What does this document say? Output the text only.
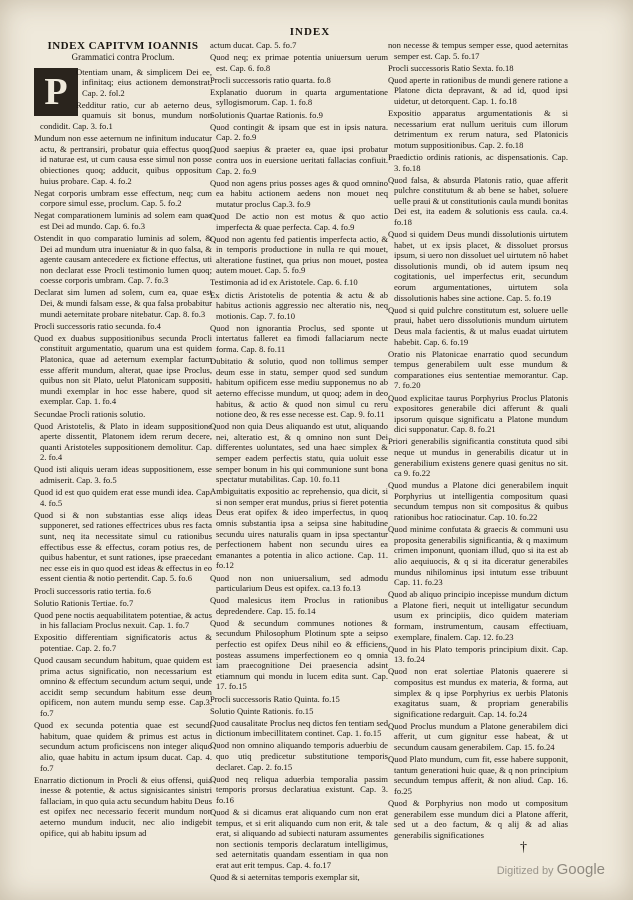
INDEX
INDEX CAPITVM IOANNIS
Grammatici contra Proclum.
P Otentiam unam, & simplicem Dei ee, infinitaq; eius actionem demonstrat. Cap. 2. fol.2
Redditur ratio, cur ab aeterno deus, quamuis sit bonus, mundum non condidit. Cap. 3. fo.1
Mundum non esse aeternum ne infinitum inducatur actu, & pertransiri, probatur quia effectus quoq; id naturae est, ut cum causa esse simul non posse obiectiones quoq; adducit, quibus oppositum huius probare. Cap. 4. fo.2
Negat corporis umbram esse effectum, neq; cum corpore simul esse, proclum. Cap. 5. fo.2
Negat comparationem luminis ad solem eam quae est Dei ad mundo. Cap. 6. fo.3
Ostendit in quo comparatio luminis ad solem, & Dei ad mundum utra inueniatur & in quo falsa, & agente causam antecedere ex fictione effectus, uti non declarat esse Procli testimonio lumen quoq; coesse corporis umbram. Cap. 7. fo.3
Declarat sim lumen ad solem, cum ea, quae est Dei, & mundi falsam esse, & qua falsa probabitur mundi aeternitate probare nitebatur. Cap. 8. fo.3
Procli successoris ratio secunda. fo.4
Quod ex duabus suppositionibus secunda Procli constituit argumentatio, quarum una est quidem Platonica, quae ad aeternum exemplar factum esse afferit mundum, alterat, quae ipse Proclus, quibus non sit Plato, uelut Platonicam suppositi, mundi exemplar in hoc esse habere, quod sit exemplar. Cap. 1. fo.4
Secundae Procli rationis solutio.
Quod Aristotelis, & Plato in ideam suppositione aperte dissentit, Platonem idem rerum decere, quanti Aristoteles suppositionem demolitur. Cap. 2. fo.4
Quod isti aliquis ueram ideas suppositionem, esse admiserit. Cap. 3. fo.5
Quod id est quo quidem erat esse mundi idea. Cap. 4. fo.5
Quod si & non substantias esse aliqs ideas supponeret, sed rationes effectrices ubus res facta sunt, neq ita necessitate simul cu rationibus effectibus esse & effectus, coram potius res, de quibus habentur, et sunt rationes, ipse praecedant nec esse eis in quo quod est ideas & effectus in eo essent cientia & notio pertendit. Cap. 5. fo.6
Procli successoris ratio tertia. fo.6
Solutio Rationis Tertiae. fo.7
Quod pene noctis aequabilitatem potentiae, & actus in his fallaciam Proclus nexuit. Cap. 1. fo.7
Expositio differentiam significatoris actus & potentiae. Cap. 2. fo.7
Quod causam secundum habitum, quae quidem est prima actus significatio, non necessarium est omnino & effectum secundum actum sequi, unde accidit semp secundum habitum esse deum opificem, non autem mundu semp esse. Cap.3. fo.7
Quod ex secunda potentia quae est secundi habitum, quae quidem & primus est actus in secundum actum proficiscens non integer aliquo alio, quae habitu in actum ipsum ducat. Cap. 4. fo.7
Enarratio dictionum in Procli & eius offensi, quia inesse & potentie, & actus signisicantes sinistri fallaciam, in quo quia actu secundum habitu Deus est opifex nec necessario fecerit mundum non aeterno mundum inducit, nec alio indigebit opifice, qui ab habitu ipsum ad
actum ducat. Cap. 5. fo.7
Quod neq; ex primae potentia uniuersum uerum est. Cap. 6. fo.8
Procli successoris ratio quarta. fo.8
Explanatio duorum in quarta argumentatione syllogismorum. Cap. 1. fo.8
Solutionis Quartae Rationis. fo.9
Quod contingit & ipsam que est in ipsis natura. Cap. 2. fo.9
Quod saepius & praeter ea, quae ipsi probatur contra uos in euersione ueritati fallacias confiuit. Cap. 2. fo.9
Quod non agens prius posses ages & quod omnino ea habitu actionem aedens non mouet neq mutatur proclus Cap.3. fo.9
Quod De actio non est motus & quo actio imperfecta & quae perfecta. Cap. 4. fo.9
Quod non agentu fed patientis imperfecta actio, & in temporis productione in nulla re qui mouet, alteratione fustinet, qua prius non mouet, postea autem mouet. Cap. 5. fo.9
Testimonia ad id ex Aristotele. Cap. 6. f.10
Ex dictis Aristotelis de potentia & actu & ab habitus actionis aggressio nec alteratio nis, neq motionis. Cap. 7. fo.10
Quod non ignorantia Proclus, sed sponte ut intertatus falleret ea fimodi fallaciarum necte forma. Cap. 8. fo.11
Dubitatio & solutio, quod non tollimus semper deum esse in statu, semper quod sed sundum habitum opificem esse mediu supponemus no ab aeterno effecisse mundum, ut quoq; adem in deo habitus, & actio & quod non simul cu reru notione deo, & res esse necesse est. Cap. 9. fo.11
Quod non quia Deus aliquando est utut, aliquando nei, alteratio est, & q omnino non sunt Dei differentes uoluntates, sed una haec simplex & semper eadem perfectis statu, quia uoluit esse semper bonum in his qui communione sunt bona spectatur mutabilitas. Cap. 10. fo.11
Ambiguitatis expositio ac reprehensio, qua dicit, si si non semper erat mundus, prius si fieret potentia Deus erat opifex & ideo imperfectus, in quoq omnis substantia ipsa a seipsa sine habitudine secundu uires naturalis quam in ipsa spectantur perfectionem habent non secundu uires ea emanantes a potentia in alico actione. Cap. 11. fo.12
Quod non non uniuersalium, sed admodu particularium Deus est opifex. ca.13 fo.13
Quod malesicus item Proclus in rationibus depredendere. Cap. 15. fo.14
Quod & secundum communes notiones & secundum Philosophum Plotinum spte a seipso perfectio est opifex Deus nihil eo & efficiens, posteas assumens imperfectionem eo q omnia iam praecognitione Dei praesencia adsint etiamnum qui mondu in lucem edita sunt. Cap. 17. fo.15
Procli successoris Ratio Quinta. fo.15
Solutio Quinte Rationis. fo.15
Quod causalitate Proclus neq dictos fen tentiam sed dictionum imbecillitatem continet. Cap. 1. fo.15
Quod non omnino aliquando temporis aduerbiu de quo utiq predicetur substitutione temporis declaret. Cap. 2. fo.15
Quod neq reliqua aduerbia temporalia passim temporis prorsus declaratiua existunt. Cap. 3. fo.16
Quod & si dicamus erat aliquando cum non erat tempus, et si erit aliquando cum non erit, & tale erat, si aliquando ad subiecti naturam assumentes non sectionis temporis declaratum intelligimus, sed aeternitatis quandam essentiam in qua non erat aut erit tempus. Cap. 4. fo.17
Quod & si aeternitas temporis exemplar sit,
non necesse & tempus semper esse, quod aeternitas semper est. Cap. 5. fo.17
Procli successoris Ratio Sexta. fo.18
Quod aperte in rationibus de mundi genere ratione a Platone dicta depravant, & ad id, quod ipsi uidetur, ut detorquent. Cap. 1. fo.18
Expositio apparatus argumentationis & si necessarium erat nullum uerituis cum illorum detrimentum ex rerum natura, sed Platonicis motum suppositionibus. Cap. 2. fo.18
Praedictio ordinis rationis, ac dispensationis. Cap. 3. fo.18
Quod falsa, & absurda Platonis ratio, quae afferit pulchre constitutum & ab bene se habet, soluere uelle praui & ut constitutionis caula mundi bonitas Dei est, ita eadem & solutionis ess caula. ca.4. fo.18
Quod si quidem Deus mundi dissolutionis uirtutem habet, ut ex ipsis placet, & dissoluet prorsus ipsum, si uero non dissoluet uel uirtutem nō habet dissolutionis mundi, ob id autem ipsum neq cogitationis, uel imperfectus erit, secundum eorum argumentationes, uirtutem sola dissolutionis habes sine actione. Cap. 5. fo.19
Quod si quid pulchre constitutum est, soluere uelle praui, habet uero dissolutionis mundum uirtutem Deus mala facientis, & ut malus euadat uirtutem habebit. Cap. 6. fo.19
Oratio nis Platonicae enarratio quod secundum tempus generabilem uult esse mundum & comparationes eius sententiae memorantur. Cap. 7. fo.20
Quod explicitae taurus Porphyrius Proclus Platonis expositores generabile dici afferunt & quali ipsorum quisque significatu a Platone mundum dici supponatur. Cap. 8. fo.21
Priori generabilis significantia constituta quod sibi neque ut mundus in generabilis dicatur ut in generabilium existens genere quasi genitus no sit. ca 9. fo.22
Quod mundus a Platone dici generabilem inquit Porphyrius ut intelligentia compositum quasi secundum tempus non sit compositus & quibus rationibus hoc ratiocinatur. Cap. 10. fo.22
Quod minime confutata & graecis & communi usu proposita generabilis significantia, & q maximum crimen imponunt, quoniam illud, quo si ita est ab alio aequiuocis, & q si ita diceratur generabiles mundus nihilominus ipsi intutum esse tribuunt Cap. 11. fo.23
Quod ab aliquo principio incepisse mundum dictum a Platone fieri, nequit ut intelligatur secundum usum ex principiis, dico quidem materiam formam, instrumentum, causam effectiuam, exemplare, finalem. Cap. 12. fo.23
Quod in his Plato temporis principium dixit. Cap. 13. fo.24
Quod non erat solertiae Platonis quaerere si compositus est mundus ex materia, & forma, aut simplex & q ipse Porphyrius ex uerbis Platonis exagitatus suam, & propriam generabilis significatione redarguit. Cap. 14. fo.24
Quod Proclus mundum a Platone generabilem dici afferit, ut cum gignitur esse habeat, & ut secundum causam generabilem. Cap. 15. fo.24
Quod Plato mundum, cum fit, esse habere supponit, tantum generationi huic quae, & q non principium secundum tempus afferit, & non aliud. Cap. 16. fo.25
Quod & Porphyrius non modo ut compositum generabilem esse mundum dici a Platone afferit, sed ut a deo factum, & q alij & ad alias generabilis significationes
†
Digitized by Google
